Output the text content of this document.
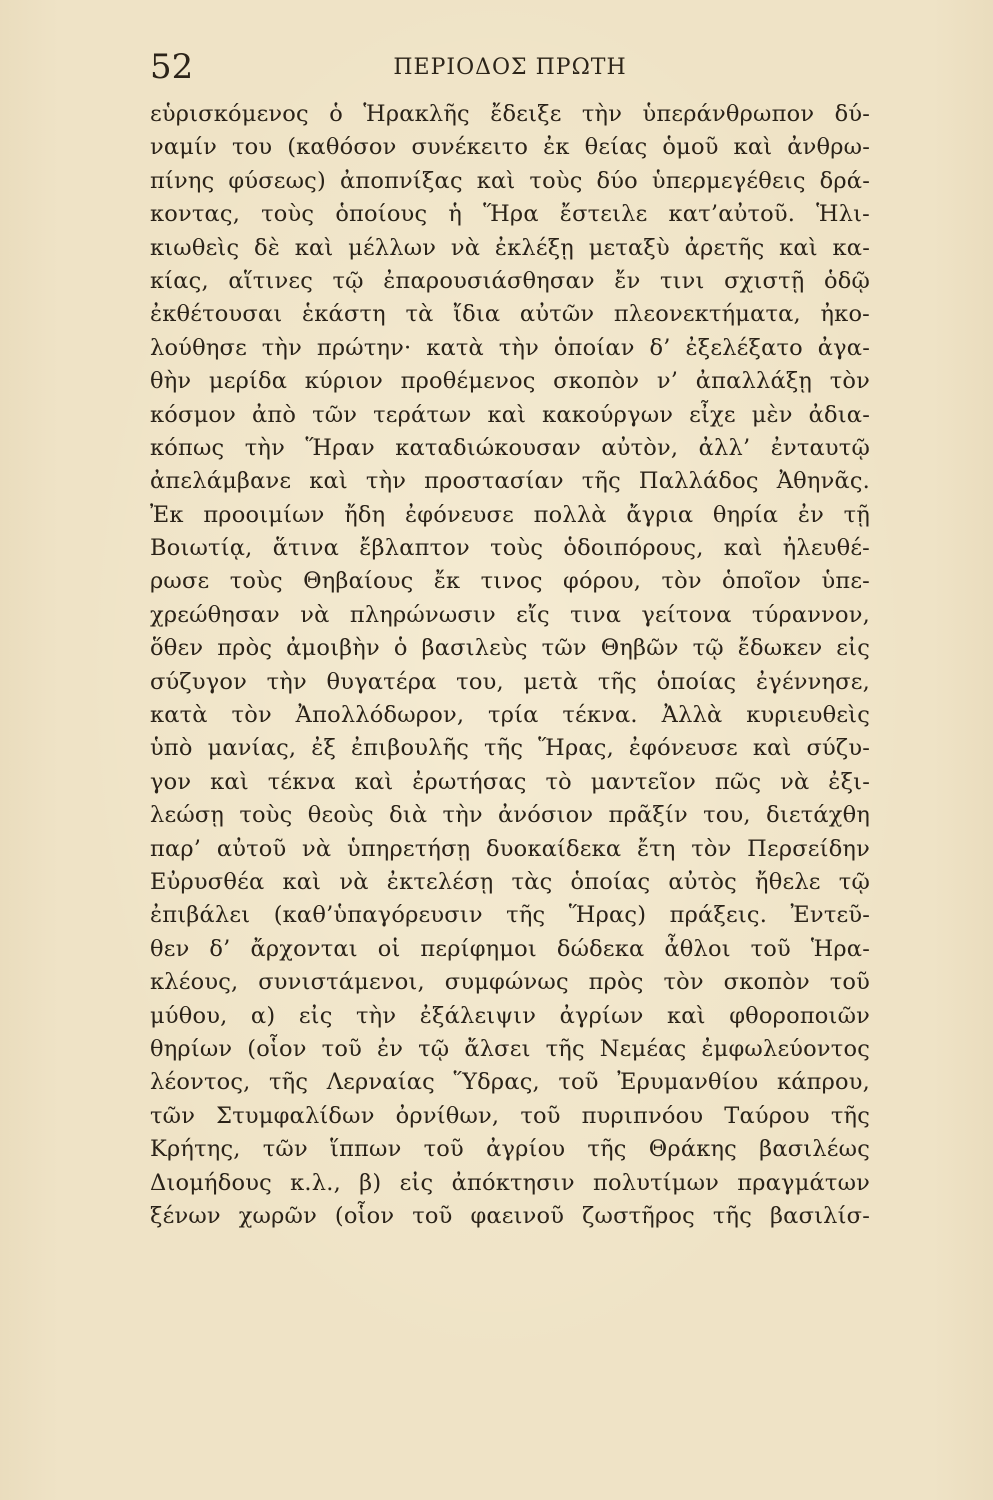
52	ΠΕΡΙΟΔΟΣ ΠΡΩΤΗ
εὑρισκόμενος ὁ Ἡρακλῆς ἔδειξε τὴν ὑπεράνθρωπον δύ-
ναμίν του (καθόσον συνέκειτο ἐκ θείας ὁμοῦ καὶ ἀνθρω-
πίνης φύσεως) ἀποπνίξας καὶ τοὺς δύο ὑπερμεγέθεις δρά-
κοντας, τοὺς ὁποίους ἡ Ἥρα ἔστειλε κατ’αὐτοῦ. Ἡλι-
κιωθεὶς δὲ καὶ μέλλων νὰ ἐκλέξῃ μεταξὺ ἀρετῆς καὶ κα-
κίας, αἵτινες τῷ ἐπαρουσιάσθησαν ἔν τινι σχιστῇ ὁδῷ
ἐκθέτουσαι ἑκάστη τὰ ἴδια αὐτῶν πλεονεκτήματα, ἠκο-
λούθησε τὴν πρώτην· κατὰ τὴν ὁποίαν δ’ ἐξελέξατο ἀγα-
θὴν μερίδα κύριον προθέμενος σκοπὸν ν’ ἀπαλλάξῃ τὸν
κόσμον ἀπὸ τῶν τεράτων καὶ κακούργων εἶχε μὲν ἀδια-
κόπως τὴν Ἥραν καταδιώκουσαν αὐτὸν, ἀλλ’ ἐνταυτῷ
ἀπελάμβανε καὶ τὴν προστασίαν τῆς Παλλάδος Ἀθηνᾶς.
Ἐκ προοιμίων ἤδη ἐφόνευσε πολλὰ ἄγρια θηρία ἐν τῇ
Βοιωτίᾳ, ἅτινα ἔβλαπτον τοὺς ὁδοιπόρους, καὶ ἠλευθέ-
ρωσε τοὺς Θηβαίους ἔκ τινος φόρου, τὸν ὁποῖον ὑπε-
χρεώθησαν νὰ πληρώνωσιν εἴς τινα γείτονα τύραννον,
ὅθεν πρὸς ἀμοιβὴν ὁ βασιλεὺς τῶν Θηβῶν τῷ ἔδωκεν εἰς
σύζυγον τὴν θυγατέρα του, μετὰ τῆς ὁποίας ἐγέννησε,
κατὰ τὸν Ἀπολλόδωρον, τρία τέκνα. Ἀλλὰ κυριευθεὶς
ὑπὸ μανίας, ἐξ ἐπιβουλῆς τῆς Ἥρας, ἐφόνευσε καὶ σύζυ-
γον καὶ τέκνα καὶ ἐρωτήσας τὸ μαντεῖον πῶς νὰ ἐξι-
λεώσῃ τοὺς θεοὺς διὰ τὴν ἀνόσιον πρᾶξίν του, διετάχθη
παρ’ αὐτοῦ νὰ ὑπηρετήσῃ δυοκαίδεκα ἔτη τὸν Περσείδην
Εὐρυσθέα καὶ νὰ ἐκτελέσῃ τὰς ὁποίας αὐτὸς ἤθελε τῷ
ἐπιβάλει (καθ’ὑπαγόρευσιν τῆς Ἥρας) πράξεις. Ἐντεῦ-
θεν δ’ ἄρχονται οἱ περίφημοι δώδεκα ἆθλοι τοῦ Ἡρα-
κλέους, συνιστάμενοι, συμφώνως πρὸς τὸν σκοπὸν τοῦ
μύθου, α) εἰς τὴν ἐξάλειψιν ἀγρίων καὶ φθοροποιῶν
θηρίων (οἷον τοῦ ἐν τῷ ἄλσει τῆς Νεμέας ἐμφωλεύοντος
λέοντος, τῆς Λερναίας Ὕδρας, τοῦ Ἐρυμανθίου κάπρου,
τῶν Στυμφαλίδων ὀρνίθων, τοῦ πυριπνόου Ταύρου τῆς
Κρήτης, τῶν ἵππων τοῦ ἀγρίου τῆς Θράκης βασιλέως
Διομήδους κ.λ., β) εἰς ἀπόκτησιν πολυτίμων πραγμάτων
ξένων χωρῶν (οἷον τοῦ φαεινοῦ ζωστῆρος τῆς βασιλίσ-
